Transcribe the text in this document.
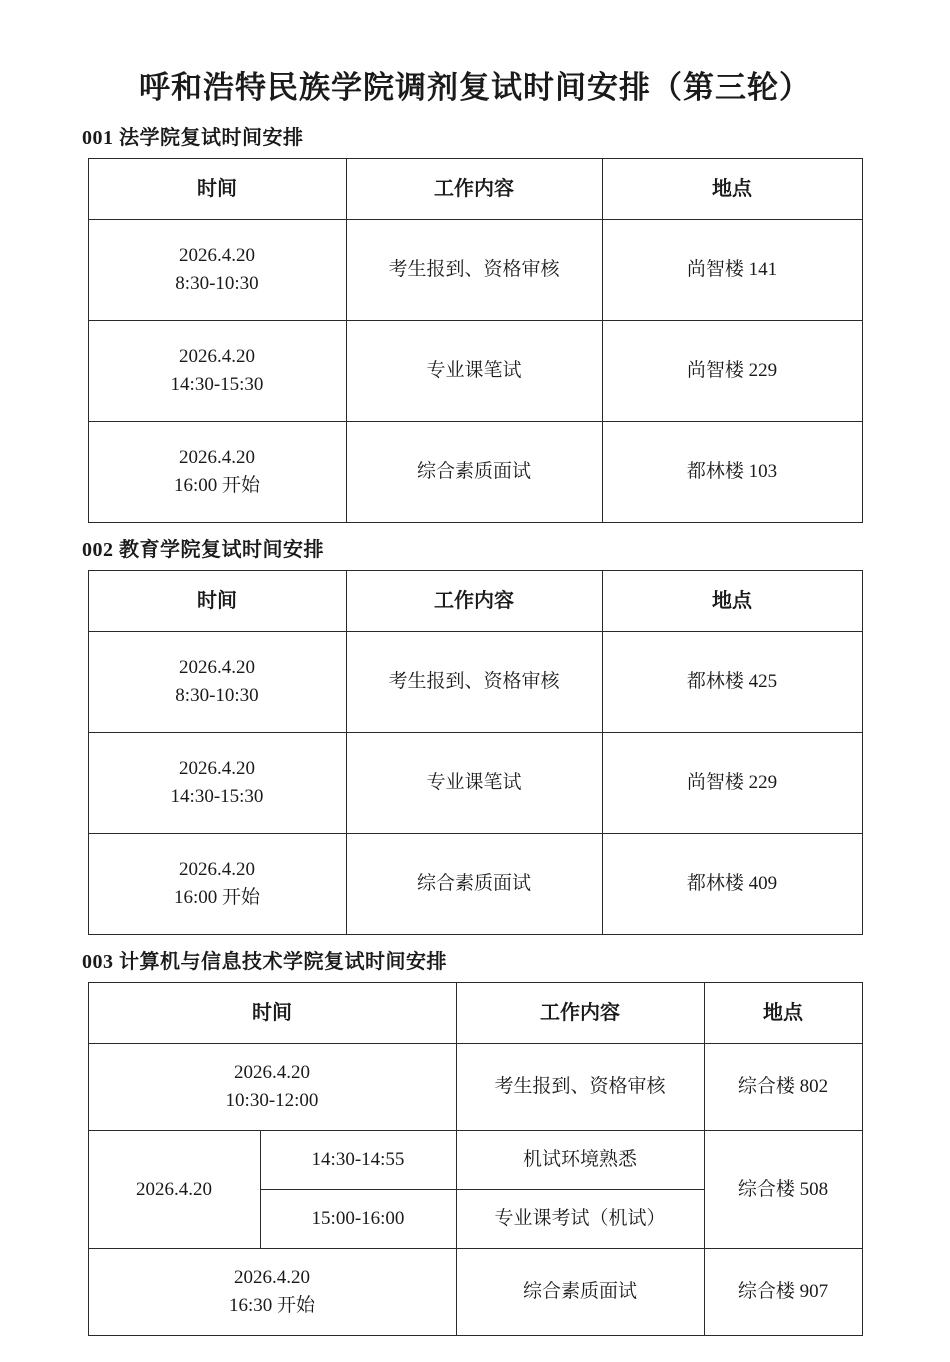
呼和浩特民族学院调剂复试时间安排（第三轮）
001 法学院复试时间安排
时间	工作内容	地点

2026.4.20
8:30-10:30	考生报到、资格审核	尚智楼 141

2026.4.20
14:30-15:30	专业课笔试	尚智楼 229

2026.4.20
16:00 开始	综合素质面试	都林楼 103
002 教育学院复试时间安排
时间	工作内容	地点

2026.4.20
8:30-10:30	考生报到、资格审核	都林楼 425

2026.4.20
14:30-15:30	专业课笔试	尚智楼 229

2026.4.20
16:00 开始	综合素质面试	都林楼 409
003 计算机与信息技术学院复试时间安排
时间		工作内容	地点

2026.4.20
10:30-12:00		考生报到、资格审核	综合楼 802
2026.4.20	14:30-14:55	机试环境熟悉	综合楼 508
	15:00-16:00	专业课考试（机试）	

2026.4.20
16:30 开始		综合素质面试	综合楼 907
